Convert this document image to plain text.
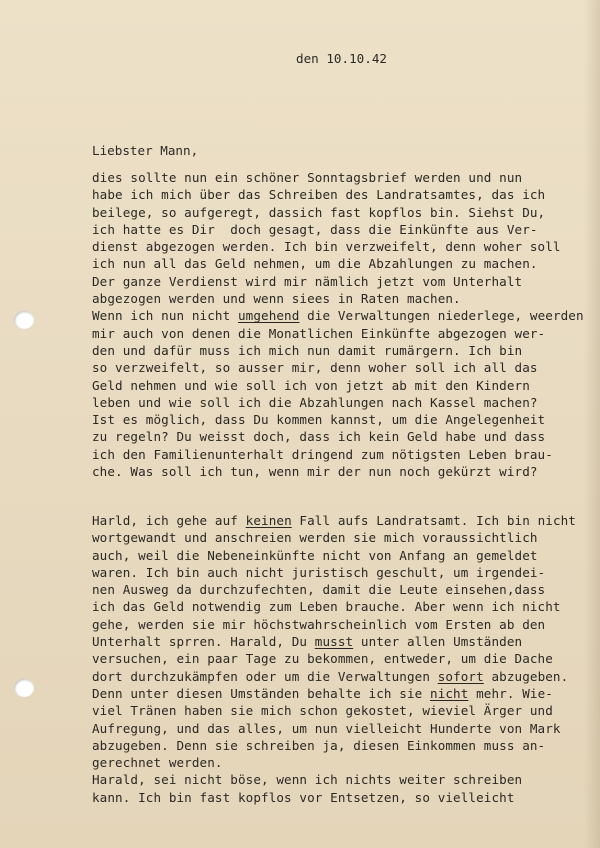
den 10.10.42
Liebster Mann,
dies sollte nun ein schöner Sonntagsbrief werden und nun
habe ich mich über das Schreiben des Landratsamtes, das ich
beilege, so aufgeregt, dassich fast kopflos bin. Siehst Du,
ich hatte es Dir  doch gesagt, dass die Einkünfte aus Ver-
dienst abgezogen werden. Ich bin verzweifelt, denn woher soll
ich nun all das Geld nehmen, um die Abzahlungen zu machen.
Der ganze Verdienst wird mir nämlich jetzt vom Unterhalt
abgezogen werden und wenn siees in Raten machen.
Wenn ich nun nicht umgehend die Verwaltungen niederlege, weerden
mir auch von denen die Monatlichen Einkünfte abgezogen wer-
den und dafür muss ich mich nun damit rumärgern. Ich bin
so verzweifelt, so ausser mir, denn woher soll ich all das
Geld nehmen und wie soll ich von jetzt ab mit den Kindern
leben und wie soll ich die Abzahlungen nach Kassel machen?
Ist es möglich, dass Du kommen kannst, um die Angelegenheit
zu regeln? Du weisst doch, dass ich kein Geld habe und dass
ich den Familienunterhalt dringend zum nötigsten Leben brau-
che. Was soll ich tun, wenn mir der nun noch gekürzt wird?
Harld, ich gehe auf keinen Fall aufs Landratsamt. Ich bin nicht
wortgewandt und anschreien werden sie mich voraussichtlich
auch, weil die Nebeneinkünfte nicht von Anfang an gemeldet
waren. Ich bin auch nicht juristisch geschult, um irgendei-
nen Ausweg da durchzufechten, damit die Leute einsehen,dass
ich das Geld notwendig zum Leben brauche. Aber wenn ich nicht
gehe, werden sie mir höchstwahrscheinlich vom Ersten ab den
Unterhalt sprren. Harald, Du musst unter allen Umständen
versuchen, ein paar Tage zu bekommen, entweder, um die Dache
dort durchzukämpfen oder um die Verwaltungen sofort abzugeben.
Denn unter diesen Umständen behalte ich sie nicht mehr. Wie-
viel Tränen haben sie mich schon gekostet, wieviel Ärger und
Aufregung, und das alles, um nun vielleicht Hunderte von Mark
abzugeben. Denn sie schreiben ja, diesen Einkommen muss an-
gerechnet werden.
Harald, sei nicht böse, wenn ich nichts weiter schreiben
kann. Ich bin fast kopflos vor Entsetzen, so vielleicht
